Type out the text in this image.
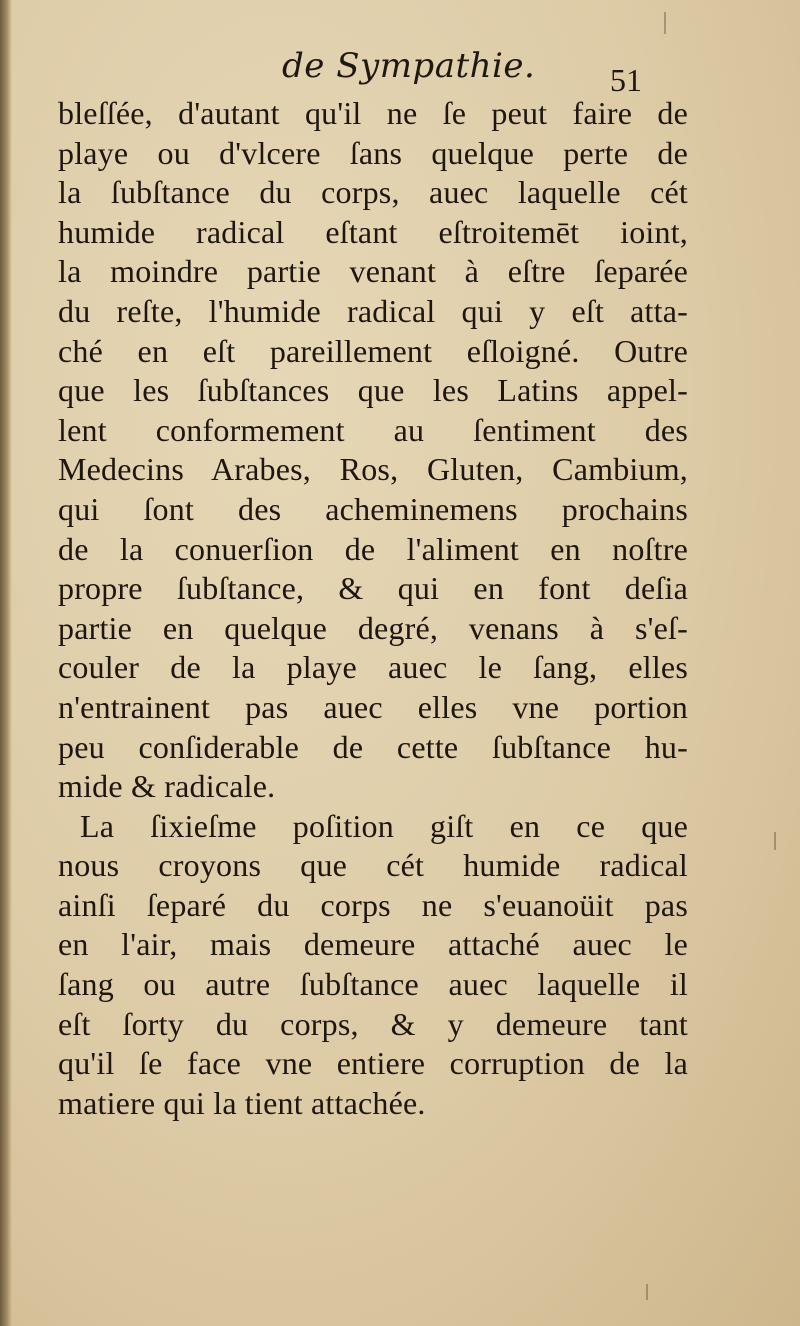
de Sympathie. 51
bleſſée, d'autant qu'il ne ſe peut faire de
playe ou d'vlcere ſans quelque perte de
la ſubſtance du corps, auec laquelle cét
humide radical eſtant eſtroitemēt ioint,
la moindre partie venant à eſtre ſeparée
du reſte, l'humide radical qui y eſt atta-
ché en eſt pareillement eſloigné. Outre
que les ſubſtances que les Latins appel-
lent conformement au ſentiment des
Medecins Arabes, Ros, Gluten, Cambium,
qui ſont des acheminemens prochains
de la conuerſion de l'aliment en noſtre
propre ſubſtance, & qui en font deſia
partie en quelque degré, venans à s'eſ-
couler de la playe auec le ſang, elles
n'entrainent pas auec elles vne portion
peu conſiderable de cette ſubſtance hu-
mide & radicale.
La ſixieſme poſition giſt en ce que
nous croyons que cét humide radical
ainſi ſeparé du corps ne s'euanoüit pas
en l'air, mais demeure attaché auec le
ſang ou autre ſubſtance auec laquelle il
eſt ſorty du corps, & y demeure tant
qu'il ſe face vne entiere corruption de la
matiere qui la tient attachée.
